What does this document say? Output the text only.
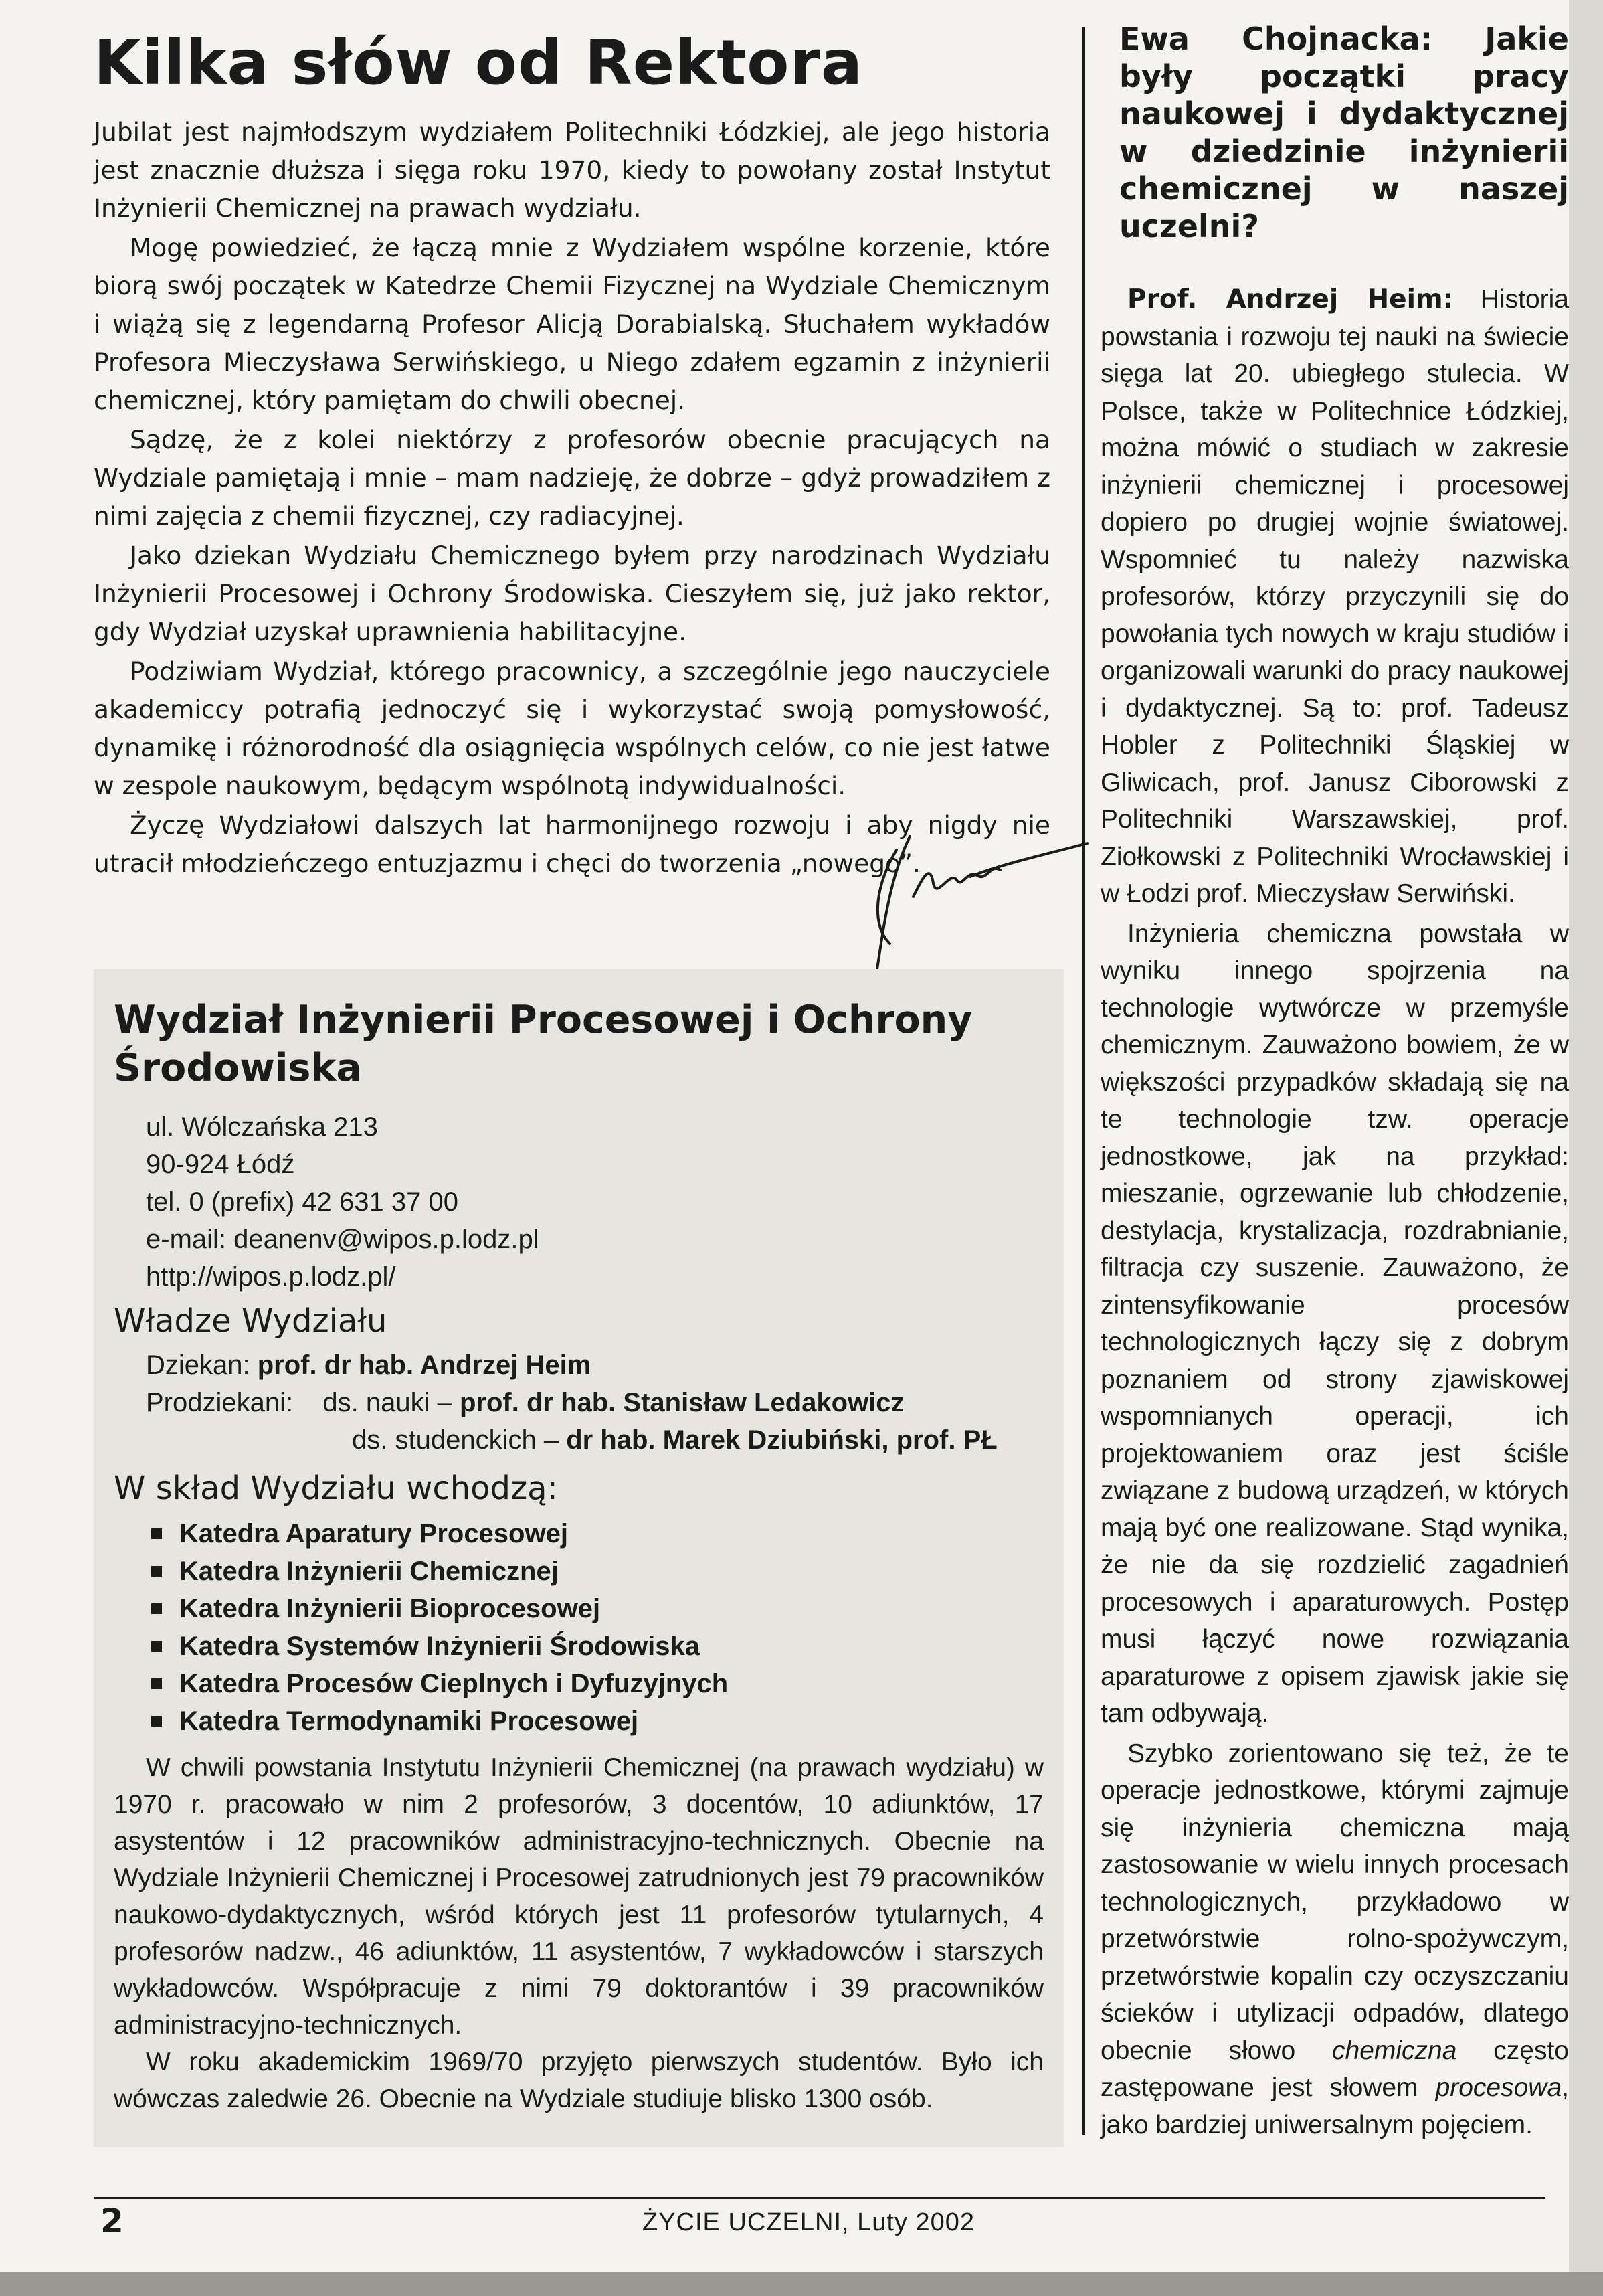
Kilka słów od Rektora

Jubilat jest najmłodszym wydziałem Politechniki Łódzkiej, ale jego historia jest znacznie dłuższa i sięga roku 1970, kiedy to powołany został Instytut Inżynierii Chemicznej na prawach wydziału.

Mogę powiedzieć, że łączą mnie z Wydziałem wspólne korzenie, które biorą swój początek w Katedrze Chemii Fizycznej na Wydziale Chemicznym i wiążą się z legendarną Profesor Alicją Dorabialską. Słuchałem wykładów Profesora Mieczysława Serwińskiego, u Niego zdałem egzamin z inżynierii chemicznej, który pamiętam do chwili obecnej.

Sądzę, że z kolei niektórzy z profesorów obecnie pracujących na Wydziale pamiętają i mnie – mam nadzieję, że dobrze – gdyż prowadziłem z nimi zajęcia z chemii fizycznej, czy radiacyjnej.

Jako dziekan Wydziału Chemicznego byłem przy narodzinach Wydziału Inżynierii Procesowej i Ochrony Środowiska. Cieszyłem się, już jako rektor, gdy Wydział uzyskał uprawnienia habilitacyjne.

Podziwiam Wydział, którego pracownicy, a szczególnie jego nauczyciele akademiccy potrafią jednoczyć się i wykorzystać swoją pomysłowość, dynamikę i różnorodność dla osiągnięcia wspólnych celów, co nie jest łatwe w zespole naukowym, będącym wspólnotą indywidualności.

Życzę Wydziałowi dalszych lat harmonijnego rozwoju i aby nigdy nie utracił młodzieńczego entuzjazmu i chęci do tworzenia „nowego”.

Wydział Inżynierii Procesowej i Ochrony Środowiska
ul. Wólczańska 213
90-924 Łódź
tel. 0 (prefix) 42 631 37 00
e-mail: deanenv@wipos.p.lodz.pl
http://wipos.p.lodz.pl/
Władze Wydziału
Dziekan: prof. dr hab. Andrzej Heim
Prodziekani: ds. nauki – prof. dr hab. Stanisław Ledakowicz
ds. studenckich – dr hab. Marek Dziubiński, prof. PŁ
W skład Wydziału wchodzą:
Katedra Aparatury Procesowej
Katedra Inżynierii Chemicznej
Katedra Inżynierii Bioprocesowej
Katedra Systemów Inżynierii Środowiska
Katedra Procesów Cieplnych i Dyfuzyjnych
Katedra Termodynamiki Procesowej

W chwili powstania Instytutu Inżynierii Chemicznej (na prawach wydziału) w 1970 r. pracowało w nim 2 profesorów, 3 docentów, 10 adiunktów, 17 asystentów i 12 pracowników administracyjno-technicznych. Obecnie na Wydziale Inżynierii Chemicznej i Procesowej zatrudnionych jest 79 pracowników naukowo-dydaktycznych, wśród których jest 11 profesorów tytularnych, 4 profesorów nadzw., 46 adiunktów, 11 asystentów, 7 wykładowców i starszych wykładowców. Współpracuje z nimi 79 doktorantów i 39 pracowników administracyjno-technicznych.

W roku akademickim 1969/70 przyjęto pierwszych studentów. Było ich wówczas zaledwie 26. Obecnie na Wydziale studiuje blisko 1300 osób.

Ewa Chojnacka: Jakie były początki pracy naukowej i dydaktycznej w dziedzinie inżynierii chemicznej w naszej uczelni?

Prof. Andrzej Heim: Historia powstania i rozwoju tej nauki na świecie sięga lat 20. ubiegłego stulecia. W Polsce, także w Politechnice Łódzkiej, można mówić o studiach w zakresie inżynierii chemicznej i procesowej dopiero po drugiej wojnie światowej. Wspomnieć tu należy nazwiska profesorów, którzy przyczynili się do powołania tych nowych w kraju studiów i organizowali warunki do pracy naukowej i dydaktycznej. Są to: prof. Tadeusz Hobler z Politechniki Śląskiej w Gliwicach, prof. Janusz Ciborowski z Politechniki Warszawskiej, prof. Ziołkowski z Politechniki Wrocławskiej i w Łodzi prof. Mieczysław Serwiński.

Inżynieria chemiczna powstała w wyniku innego spojrzenia na technologie wytwórcze w przemyśle chemicznym. Zauważono bowiem, że w większości przypadków składają się na te technologie tzw. operacje jednostkowe, jak na przykład: mieszanie, ogrzewanie lub chłodzenie, destylacja, krystalizacja, rozdrabnianie, filtracja czy suszenie. Zauważono, że zintensyfikowanie procesów technologicznych łączy się z dobrym poznaniem od strony zjawiskowej wspomnianych operacji, ich projektowaniem oraz jest ściśle związane z budową urządzeń, w których mają być one realizowane. Stąd wynika, że nie da się rozdzielić zagadnień procesowych i aparaturowych. Postęp musi łączyć nowe rozwiązania aparaturowe z opisem zjawisk jakie się tam odbywają.

Szybko zorientowano się też, że te operacje jednostkowe, którymi zajmuje się inżynieria chemiczna mają zastosowanie w wielu innych procesach technologicznych, przykładowo w przetwórstwie rolno-spożywczym, przetwórstwie kopalin czy oczyszczaniu ścieków i utylizacji odpadów, dlatego obecnie słowo chemiczna często zastępowane jest słowem procesowa, jako bardziej uniwersalnym pojęciem.

2	ŻYCIE UCZELNI, Luty 2002
